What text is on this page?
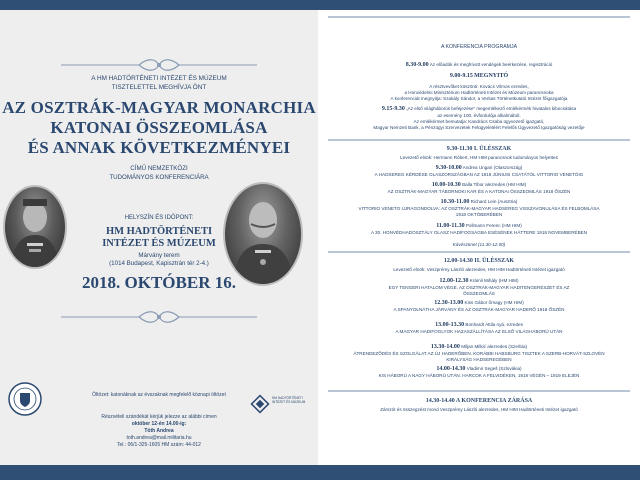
A HM HADTÖRTÉNETI INTÉZET ÉS MÚZEUM
TISZTELETTEL MEGHÍVJA ÖNT
AZ OSZTRÁK-MAGYAR MONARCHIA
KATONAI ÖSSZEOMLÁSA
ÉS ANNAK KÖVETKEZMÉNYEI
CÍMŰ NEMZETKÖZI
TUDOMÁNYOS KONFERENCIÁRA
HELYSZÍN ÉS IDŐPONT:
HM HADTÖRTÉNETI
INTÉZET ÉS MÚZEUM
Márvány terem
(1014 Budapest, Kapisztrán tér 2-4.)
2018. OKTÓBER 16.
Öltözet: katonáknak az évszaknak megfelelő köznapi öltözet	HM HADTÖRTÉNETI INTÉZET ÉS MÚZEUM
Részvételi szándékát kérjük jelezze az alábbi címen
október 12-én 14.00-ig:
Tóth Andrea
toth.andrea@mail.militaria.hu
Tel.: 06/1-325-1605 HM szám: 44-012
A KONFERENCIA PROGRAMJA
8.30-9.00 Az előadók és meghívott vendégek beérkezése, regisztráció
9.00-9.15 MEGNYITÓ
A résztvevőket köszönti: Kovács Vilmos ezredes,
a Honvédelmi Minisztérium Hadtörténeti Intézet és Múzeum parancsnoka
A konferenciát megnyitja: Szakály Sándor, a Veritas Történetkutató Intézet főigazgatója
9.15-9.30 „Az első világháborús befejezése” megemlékező emlékérmék hivatalos kibocsátása
az esemény 100. évfordulója alkalmából.
Az emlékérmet bemutatja: Kandrács Csaba ügyvezető igazgató,
Magyar Nemzeti Bank, a Pénzügyi Szervezetek Felügyeletéért Felelős Ügyvezető Igazgatóság vezetője
9.30-11.30 I. ÜLÉSSZAK
Levezető elnök: Hermann Róbert, HM HIM parancsnok tudományos helyettes
9.30-10.00 Andrea Ungari (Olaszország)
A HADSEREG KÉRDÉSE OLASZORSZÁGBAN AZ 1918 JÚNIUSI CSATÁTÓL VITTORIO VENETÓIG
10.00-10.30 Balla Tibor alezredes (HM HIM)
AZ OSZTRÁK-MAGYAR TÁBORNOKI KAR ÉS A KATONAI ÖSSZEOMLÁS 1918 ŐSZÉN
10.30-11.00 Richard Lein (Ausztria)
VITTORIO VENETO ÚJRAGONDOLVA: AZ OSZTRÁK-MAGYAR HADSEREG VISSZAVONULÁSA ÉS FELBOMLÁSA 1918 OKTÓBERÉBEN
11.00-11.30 Pollmann Ferenc (HM HIM)
A 30. HONVÉDHADOSZTÁLY OLASZ HADIFOGSÁGBA ESÉSÉNEK HÁTTERE 1918 NOVEMBERÉBEN
Kávészünet (11.30-12.00)
12.00-14.30 II. ÜLÉSSZAK
Levezető elnök: Veszprémy László alezredes, HM HIM Hadtörténeti Intézet igazgató
12.00-12.30 Krámli Mihály (HM HIM)
EGY TENGERI HATALOM VÉGE. AZ OSZTRÁK-MAGYAR HADITENGERÉSZET ÉS AZ ÖSSZEOMLÁS
12.30-13.00 Kiss Gábor őrnagy (HM HIM)
A SPANYOLNÁTHA JÁRVÁNY ÉS AZ OSZTRÁK-MAGYAR HADERŐ 1918 ŐSZÉN
13.00-13.30 Bonhardt Attila nyá. ezredes
A MAGYAR HADIFOGLYOK HAZASZÁLLÍTÁSA AZ ELSŐ VILÁGHÁBORÚ UTÁN
13.30-14.00 Miljan Milkić alezredes (Szerbia)
ÁTRENDEZŐDÉS ÉS SZOLGÁLAT AZ ÚJ HADERŐBEN. KORÁBBI HABSBURG TISZTEK A SZERB-HORVÁT-SZLOVÉN KIRÁLYSÁG HADSEREGÉBEN
14.00-14.30 Vladimir Segeš (Szlovákia)
KIS HÁBORÚ A NAGY HÁBORÚ UTÁN. HARCOK A FELVIDÉKEN, 1918 VÉGÉN – 1919 ELEJÉN
14.30-14.40 A KONFERENCIA ZÁRÁSA
Zárszót és összegzést mond Veszprémy László alezredes, HM HIM Hadtörténeti Intézet igazgató
